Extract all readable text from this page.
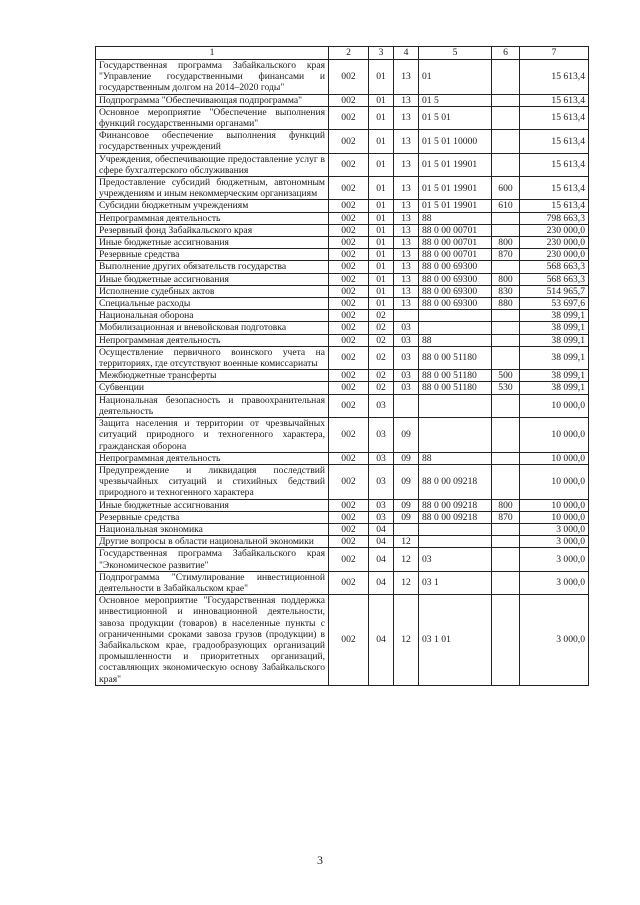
1	2	3	4	5	6	7
Государственная программа Забайкальского края "Управление государственными финансами и государственным долгом на 2014–2020 годы"	002	01	13	01		15 613,4
Подпрограмма "Обеспечивающая подпрограмма"	002	01	13	01 5		15 613,4
Основное мероприятие "Обеспечение выполнения функций государственными органами"	002	01	13	01 5 01		15 613,4
Финансовое обеспечение выполнения функций государственных учреждений	002	01	13	01 5 01 10000		15 613,4
Учреждения, обеспечивающие предоставление услуг в сфере бухгалтерского обслуживания	002	01	13	01 5 01 19901		15 613,4
Предоставление субсидий бюджетным, автономным учреждениям и иным некоммерческим организациям	002	01	13	01 5 01 19901	600	15 613,4
Субсидии бюджетным учреждениям	002	01	13	01 5 01 19901	610	15 613,4
Непрограммная деятельность	002	01	13	88		798 663,3
Резервный фонд Забайкальского края	002	01	13	88 0 00 00701		230 000,0
Иные бюджетные ассигнования	002	01	13	88 0 00 00701	800	230 000,0
Резервные средства	002	01	13	88 0 00 00701	870	230 000,0
Выполнение других обязательств государства	002	01	13	88 0 00 69300		568 663,3
Иные бюджетные ассигнования	002	01	13	88 0 00 69300	800	568 663,3
Исполнение судебных актов	002	01	13	88 0 00 69300	830	514 965,7
Специальные расходы	002	01	13	88 0 00 69300	880	53 697,6
Национальная оборона	002	02				38 099,1
Мобилизационная и вневойсковая подготовка	002	02	03			38 099,1
Непрограммная деятельность	002	02	03	88		38 099,1
Осуществление первичного воинского учета на территориях, где отсутствуют военные комиссариаты	002	02	03	88 0 00 51180		38 099,1
Межбюджетные трансферты	002	02	03	88 0 00 51180	500	38 099,1
Субвенции	002	02	03	88 0 00 51180	530	38 099,1
Национальная безопасность и правоохранительная деятельность	002	03				10 000,0
Защита населения и территории от чрезвычайных ситуаций природного и техногенного характера, гражданская оборона	002	03	09			10 000,0
Непрограммная деятельность	002	03	09	88		10 000,0
Предупреждение и ликвидация последствий чрезвычайных ситуаций и стихийных бедствий природного и техногенного характера	002	03	09	88 0 00 09218		10 000,0
Иные бюджетные ассигнования	002	03	09	88 0 00 09218	800	10 000,0
Резервные средства	002	03	09	88 0 00 09218	870	10 000,0
Национальная экономика	002	04				3 000,0
Другие вопросы в области национальной экономики	002	04	12			3 000,0
Государственная программа Забайкальского края "Экономическое развитие"	002	04	12	03		3 000,0
Подпрограмма "Стимулирование инвестиционной деятельности в Забайкальском крае"	002	04	12	03 1		3 000,0
Основное мероприятие "Государственная поддержка инвестиционной и инновационной деятельности, завоза продукции (товаров) в населенные пункты с ограниченными сроками завоза грузов (продукции) в Забайкальском крае, градообразующих организаций промышленности и приоритетных организаций, составляющих экономическую основу Забайкальского края"	002	04	12	03 1 01		3 000,0
3
